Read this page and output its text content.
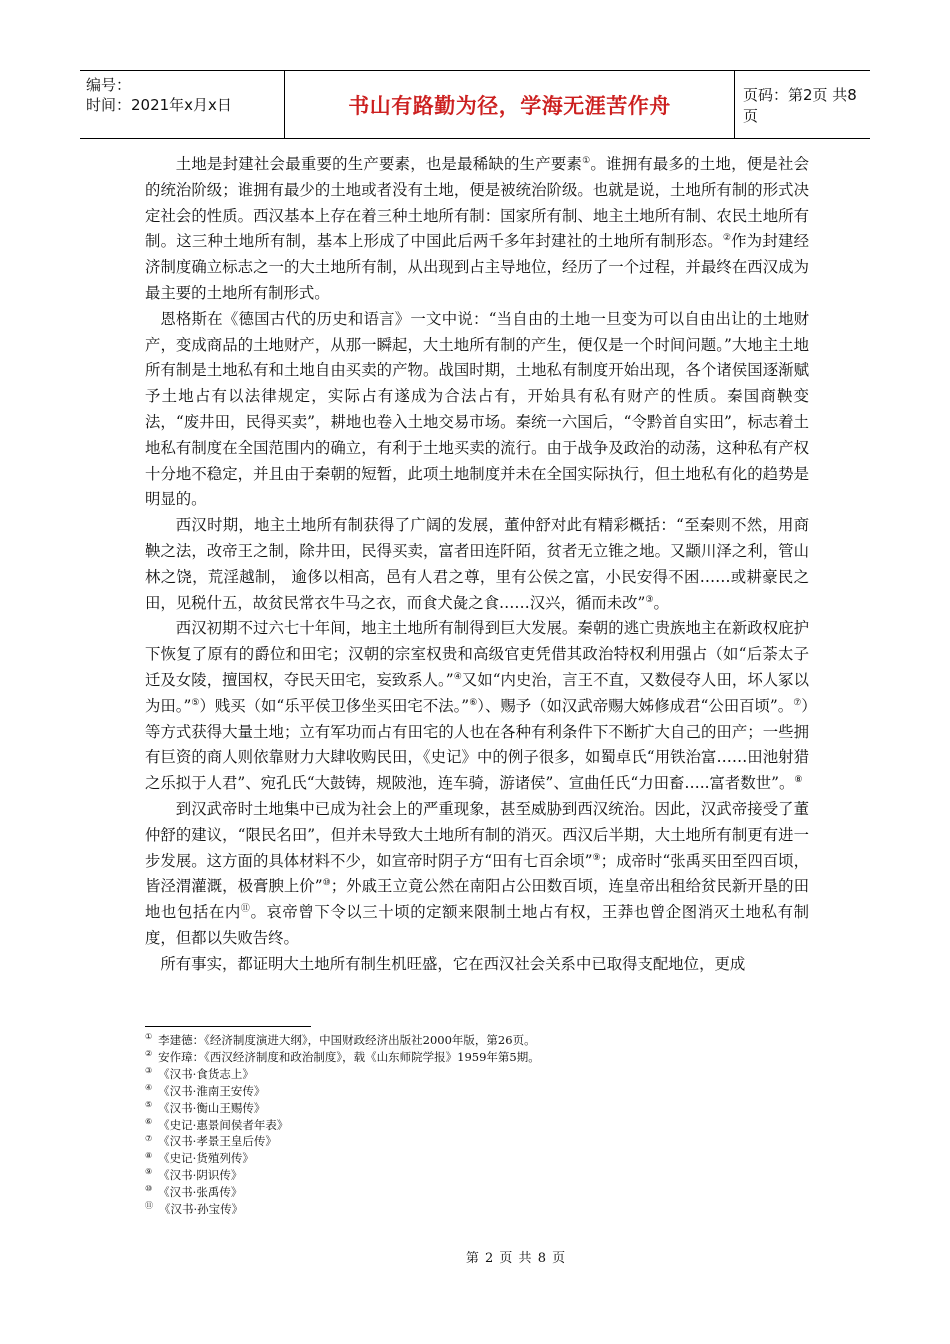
编号：
时间：2021年x月x日	书山有路勤为径，学海无涯苦作舟	页码：第2页 共8页

土地是封建社会最重要的生产要素，也是最稀缺的生产要素①。谁拥有最多的土地，便是社会的统治阶级；谁拥有最少的土地或者没有土地，便是被统治阶级。也就是说，土地所有制的形式决定社会的性质。西汉基本上存在着三种土地所有制：国家所有制、地主土地所有制、农民土地所有制。这三种土地所有制，基本上形成了中国此后两千多年封建社的土地所有制形态。②作为封建经济制度确立标志之一的大土地所有制，从出现到占主导地位，经历了一个过程，并最终在西汉成为最主要的土地所有制形式。

恩格斯在《德国古代的历史和语言》一文中说：“当自由的土地一旦变为可以自由出让的土地财产，变成商品的土地财产，从那一瞬起，大土地所有制的产生，便仅是一个时间问题。”大地主土地所有制是土地私有和土地自由买卖的产物。战国时期，土地私有制度开始出现，各个诸侯国逐渐赋予土地占有以法律规定，实际占有遂成为合法占有，开始具有私有财产的性质。秦国商鞅变法，“废井田，民得买卖”，耕地也卷入土地交易市场。秦统一六国后，“令黔首自实田”，标志着土地私有制度在全国范围内的确立，有利于土地买卖的流行。由于战争及政治的动荡，这种私有产权十分地不稳定，并且由于秦朝的短暂，此项土地制度并未在全国实际执行，但土地私有化的趋势是明显的。

西汉时期，地主土地所有制获得了广阔的发展，董仲舒对此有精彩概括：“至秦则不然，用商鞅之法，改帝王之制，除井田，民得买卖，富者田连阡陌，贫者无立锥之地。又颛川泽之利，管山林之饶，荒淫越制， 逾侈以相高，邑有人君之尊，里有公侯之富，小民安得不困……或耕豪民之田，见税什五，故贫民常衣牛马之衣，而食犬彘之食……汉兴，循而未改”③。

西汉初期不过六七十年间，地主土地所有制得到巨大发展。秦朝的逃亡贵族地主在新政权庇护下恢复了原有的爵位和田宅；汉朝的宗室权贵和高级官吏凭借其政治特权利用强占（如“后荼太子迁及女陵，擅国权，夺民天田宅，妄致系人。”④又如“内史治，言王不直，又数侵夺人田，坏人冢以为田。”⑤）贱买（如“乐平侯卫侈坐买田宅不法。”⑥）、赐予（如汉武帝赐大姊修成君“公田百顷”。⑦）等方式获得大量土地；立有军功而占有田宅的人也在各种有利条件下不断扩大自己的田产；一些拥有巨资的商人则依靠财力大肆收购民田，《史记》中的例子很多，如蜀卓氏“用铁治富……田池射猎之乐拟于人君”、宛孔氏“大鼓铸，规陂池，连车骑，游诸侯”、宣曲任氏“力田畜…..富者数世”。⑧

到汉武帝时土地集中已成为社会上的严重现象，甚至威胁到西汉统治。因此，汉武帝接受了董仲舒的建议，“限民名田”，但并未导致大土地所有制的消灭。西汉后半期，大土地所有制更有进一步发展。这方面的具体材料不少，如宣帝时阴子方“田有七百余顷”⑨；成帝时“张禹买田至四百顷，皆泾渭灌溉，极膏腴上价”⑩；外戚王立竟公然在南阳占公田数百顷，连皇帝出租给贫民新开垦的田地也包括在内⑪。哀帝曾下令以三十顷的定额来限制土地占有权，王莽也曾企图消灭土地私有制度，但都以失败告终。

所有事实，都证明大土地所有制生机旺盛，它在西汉社会关系中已取得支配地位，更成

① 李建德：《经济制度演进大纲》，中国财政经济出版社2000年版，第26页。
② 安作璋：《西汉经济制度和政治制度》，载《山东师院学报》1959年第5期。
③ 《汉书·食货志上》
④ 《汉书·淮南王安传》
⑤ 《汉书·衡山王赐传》
⑥ 《史记·惠景间侯者年表》
⑦ 《汉书·孝景王皇后传》
⑧ 《史记·货殖列传》
⑨ 《汉书·阴识传》
⑩ 《汉书·张禹传》
⑪ 《汉书·孙宝传》
第 2 页 共 8 页
